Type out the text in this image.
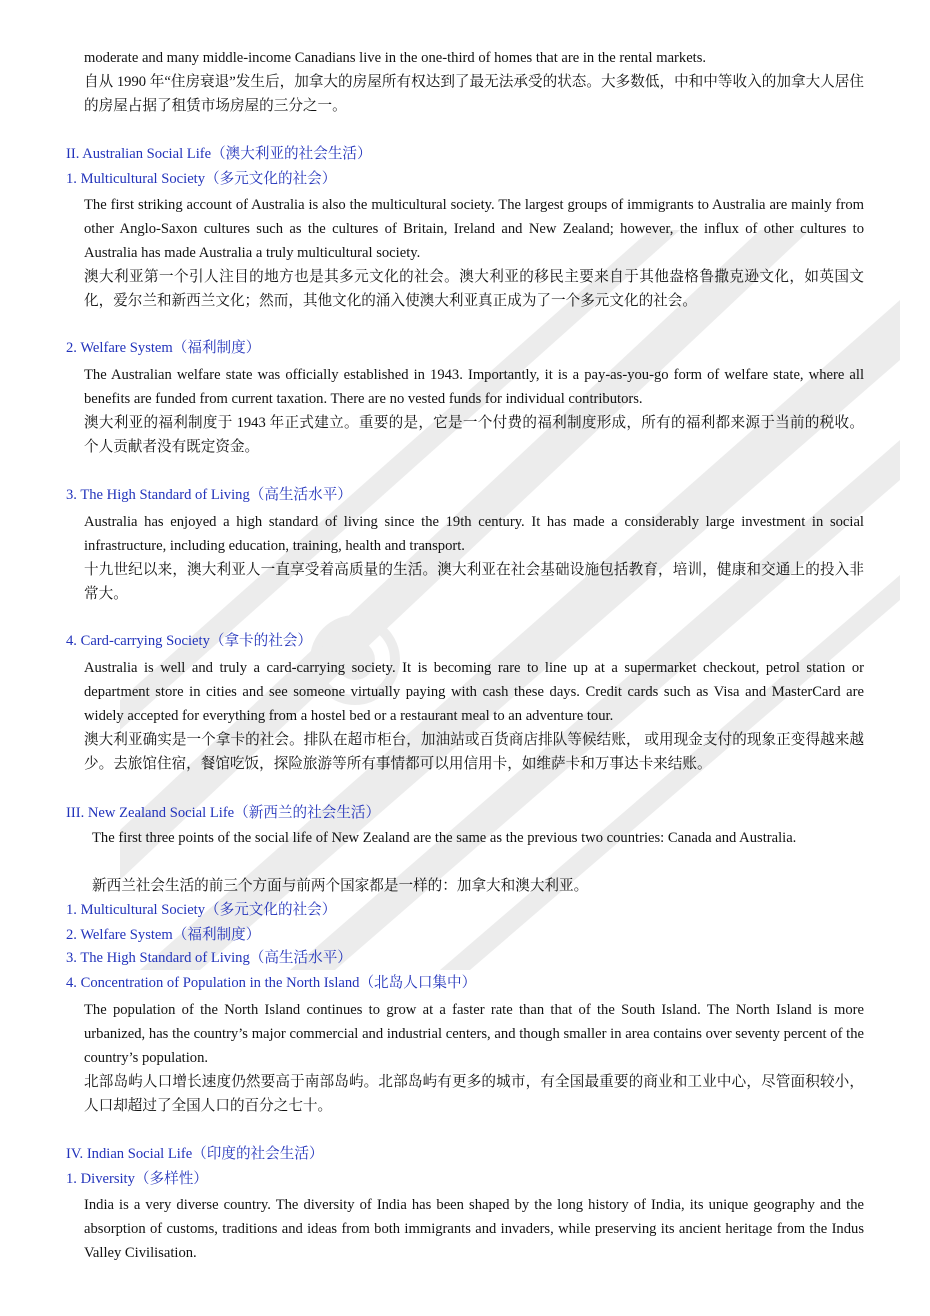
moderate and many middle-income Canadians live in the one-third of homes that are in the rental markets.

自从 1990 年“住房衰退”发生后，加拿大的房屋所有权达到了最无法承受的状态。大多数低，中和中等收入的加拿大人居住的房屋占据了租赁市场房屋的三分之一。

II. Australian Social Life（澳大利亚的社会生活）
1. Multicultural Society（多元文化的社会）

The first striking account of Australia is also the multicultural society. The largest groups of immigrants to Australia are mainly from other Anglo-Saxon cultures such as the cultures of Britain, Ireland and New Zealand; however, the influx of other cultures to Australia has made Australia a truly multicultural society.

澳大利亚第一个引人注目的地方也是其多元文化的社会。澳大利亚的移民主要来自于其他盎格鲁撒克逊文化，如英国文化，爱尔兰和新西兰文化；然而，其他文化的涌入使澳大利亚真正成为了一个多元文化的社会。

2. Welfare System（福利制度）

The Australian welfare state was officially established in 1943. Importantly, it is a pay-as-you-go form of welfare state, where all benefits are funded from current taxation. There are no vested funds for individual contributors.

澳大利亚的福利制度于 1943 年正式建立。重要的是，它是一个付费的福利制度形成，所有的福利都来源于当前的税收。个人贡献者没有既定资金。

3. The High Standard of Living（高生活水平）

Australia has enjoyed a high standard of living since the 19th century. It has made a considerably large investment in social infrastructure, including education, training, health and transport.

十九世纪以来，澳大利亚人一直享受着高质量的生活。澳大利亚在社会基础设施包括教育，培训，健康和交通上的投入非常大。

4. Card-carrying Society（拿卡的社会）

Australia is well and truly a card-carrying society. It is becoming rare to line up at a supermarket checkout, petrol station or department store in cities and see someone virtually paying with cash these days. Credit cards such as Visa and MasterCard are widely accepted for everything from a hostel bed or a restaurant meal to an adventure tour.

澳大利亚确实是一个拿卡的社会。排队在超市柜台，加油站或百货商店排队等候结账， 或用现金支付的现象正变得越来越少。去旅馆住宿，餐馆吃饭，探险旅游等所有事情都可以用信用卡，如维萨卡和万事达卡来结账。

III. New Zealand Social Life（新西兰的社会生活）

The first three points of the social life of New Zealand are the same as the previous two countries: Canada and Australia.

新西兰社会生活的前三个方面与前两个国家都是一样的：加拿大和澳大利亚。

1. Multicultural Society（多元文化的社会）
2. Welfare System（福利制度）
3. The High Standard of Living（高生活水平）
4. Concentration of Population in the North Island（北岛人口集中）

The population of the North Island continues to grow at a faster rate than that of the South Island. The North Island is more urbanized, has the country’s major commercial and industrial centers, and though smaller in area contains over seventy percent of the country’s population.

北部岛屿人口增长速度仍然要高于南部岛屿。北部岛屿有更多的城市，有全国最重要的商业和工业中心，尽管面积较小，人口却超过了全国人口的百分之七十。

IV. Indian Social Life（印度的社会生活）
1. Diversity（多样性）

India is a very diverse country. The diversity of India has been shaped by the long history of India, its unique geography and the absorption of customs, traditions and ideas from both immigrants and invaders, while preserving its ancient heritage from the Indus Valley Civilisation.
